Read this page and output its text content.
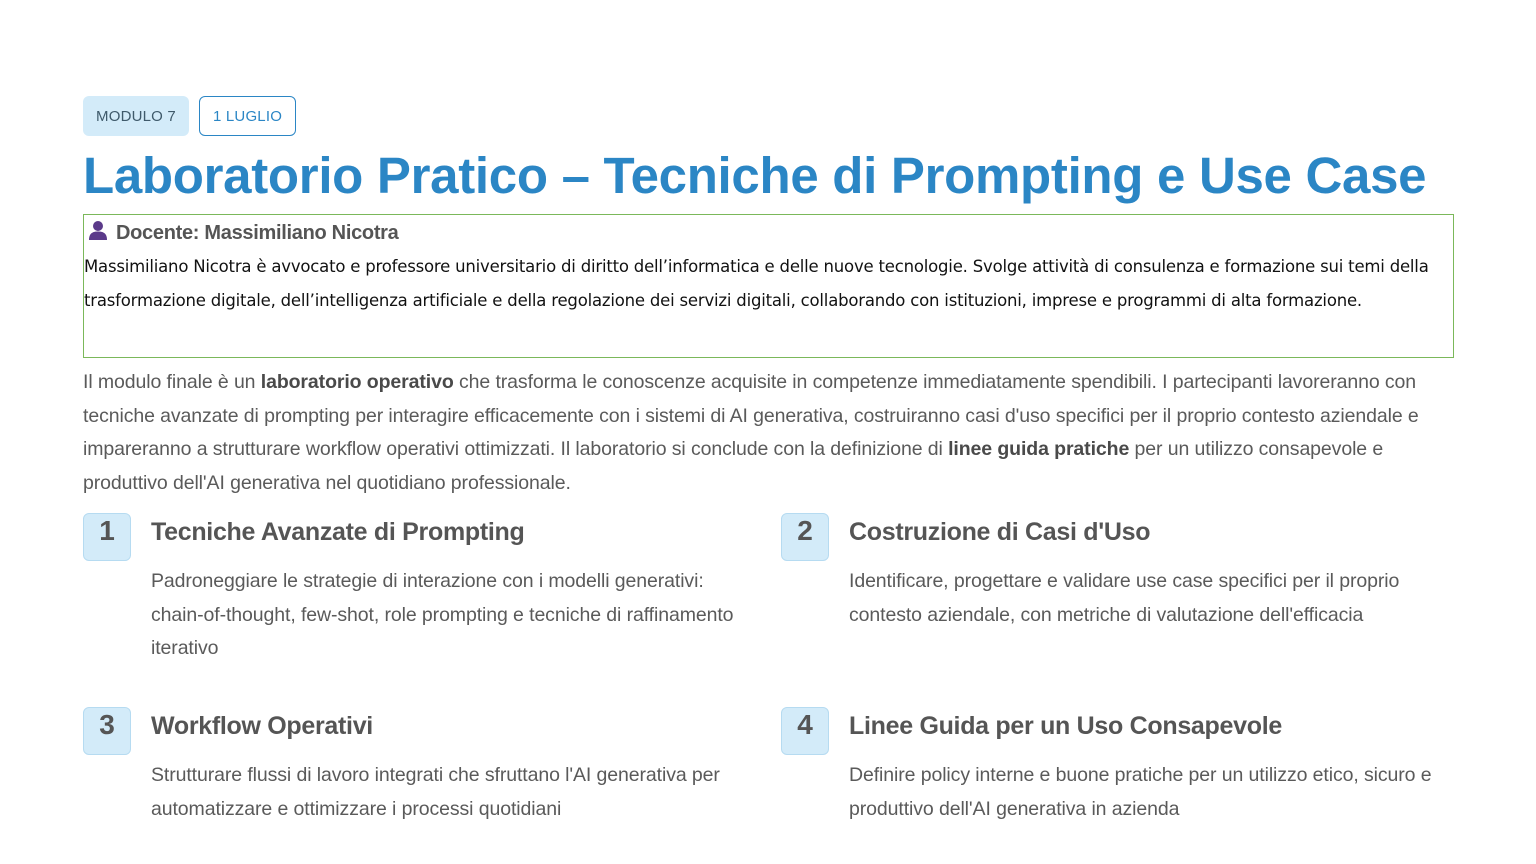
MODULO 7	1 LUGLIO
Laboratorio Pratico – Tecniche di Prompting e Use Case
Docente: Massimiliano Nicotra

Massimiliano Nicotra è avvocato e professore universitario di diritto dell’informatica e delle nuove tecnologie. Svolge attività di consulenza e formazione sui temi della trasformazione digitale, dell’intelligenza artificiale e della regolazione dei servizi digitali, collaborando con istituzioni, imprese e programmi di alta formazione.

Il modulo finale è un laboratorio operativo che trasforma le conoscenze acquisite in competenze immediatamente spendibili. I partecipanti lavoreranno con tecniche avanzate di prompting per interagire efficacemente con i sistemi di AI generativa, costruiranno casi d'uso specifici per il proprio contesto aziendale e impareranno a strutturare workflow operativi ottimizzati. Il laboratorio si conclude con la definizione di linee guida pratiche per un utilizzo consapevole e produttivo dell'AI generativa nel quotidiano professionale.

1	Tecniche Avanzate di Prompting

Padroneggiare le strategie di interazione con i modelli generativi: chain-of-thought, few-shot, role prompting e tecniche di raffinamento iterativo

2	Costruzione di Casi d'Uso

Identificare, progettare e validare use case specifici per il proprio contesto aziendale, con metriche di valutazione dell'efficacia

3	Workflow Operativi

Strutturare flussi di lavoro integrati che sfruttano l'AI generativa per automatizzare e ottimizzare i processi quotidiani

4	Linee Guida per un Uso Consapevole

Definire policy interne e buone pratiche per un utilizzo etico, sicuro e produttivo dell'AI generativa in azienda
